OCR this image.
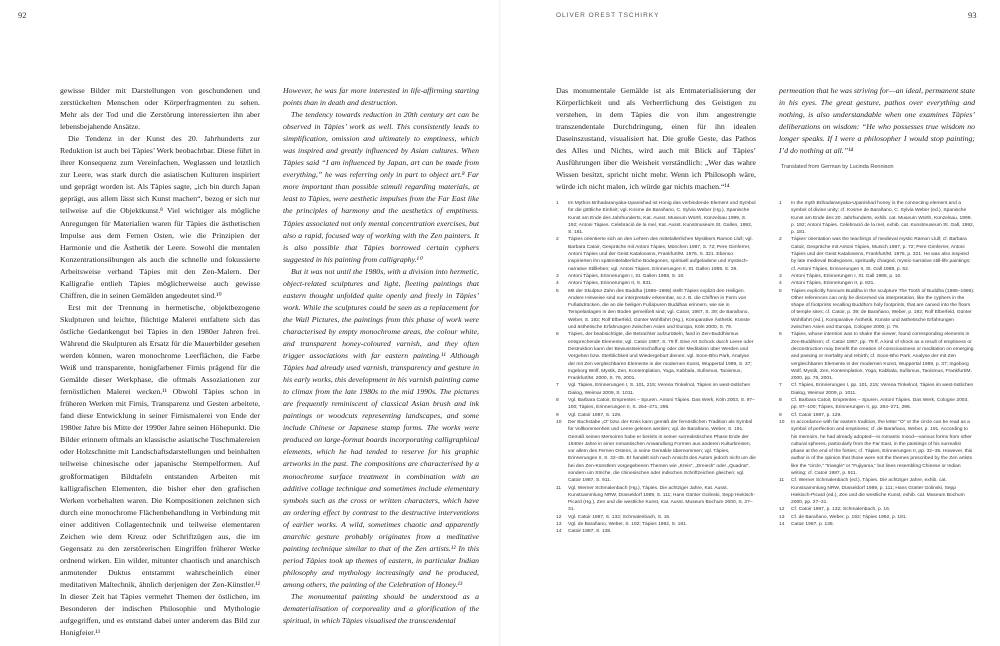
92

gewisse Bilder mit Darstellungen von geschundenen und zerstückelten Menschen oder Körperfragmenten zu sehen. Mehr als der Tod und die Zerstörung interessierten ihn aber lebensbejahende Ansätze.

Die Tendenz in der Kunst des 20. Jahrhunderts zur Reduktion ist auch bei Tàpies’ Werk beobachtbar. Diese führt in ihrer Konsequenz zum Vereinfachen, Weglassen und letztlich zur Leere, was stark durch die asiatischen Kulturen inspiriert und geprägt worden ist. Als Tàpies sagte, „ich bin durch Japan geprägt, aus allem lässt sich Kunst machen“, bezog er sich nur teilweise auf die Objektkunst.⁸ Viel wichtiger als mögliche Anregungen für Materialien waren für Tàpies die ästhetischen Impulse aus dem Fernen Osten, wie die Prinzipien der Harmonie und die Ästhetik der Leere. Sowohl die mentalen Konzentrationsübungen als auch die schnelle und fokussierte Arbeitsweise verband Tàpies mit den Zen-Malern. Der Kalligrafie entlieh Tàpies möglicherweise auch gewisse Chiffren, die in seinen Gemälden angedeutet sind.¹⁰

Erst mit der Trennung in hermetische, objektbezogene Skulpturen und leichte, flüchtige Malerei entfaltete sich das östliche Gedankengut bei Tàpies in den 1980er Jahren frei. Während die Skulpturen als Ersatz für die Mauerbilder gesehen werden können, waren monochrome Leerflächen, die Farbe Weiß und transparente, honigfarbener Firnis prägend für die Gemälde dieser Werkphase, die oftmals Assoziationen zur fernöstlichen Malerei wecken.¹¹ Obwohl Tàpies schon in früheren Werken mit Firnis, Transparenz und Gesten arbeitete, fand diese Entwicklung in seiner Firnismalerei von Ende der 1980er Jahre bis Mitte der 1990er Jahre seinen Höhepunkt. Die Bilder erinnern oftmals an klassische asiatische Tuschmalereien oder Holzschnitte mit Landschaftsdarstellungen und beinhalten teilweise chinesische oder japanische Stempelformen. Auf großformatigen Bildtafeln entstanden Arbeiten mit kalligrafischen Elementen, die bisher eher den grafischen Werken vorbehalten waren. Die Kompositionen zeichnen sich durch eine monochrome Flächenbehandlung in Verbindung mit einer additiven Collagentechnik und teilweise elementaren Zeichen wie dem Kreuz oder Schriftzügen aus, die im Gegensatz zu den zerstörerischen Eingriffen früherer Werke ordnend wirken. Ein wilder, mitunter chaotisch und anarchisch anmutender Duktus entstammt wahrscheinlich einer meditativen Maltechnik, ähnlich derjenigen der Zen-Künstler.¹² In dieser Zeit hat Tàpies vermehrt Themen der östlichen, im Besonderen der indischen Philosophie und Mythologie aufgegriffen, und es entstand dabei unter anderem das Bild zur Honigfeier.¹³

However, he was far more interested in life-affirming starting points than in death and destruction.

The tendency towards reduction in 20th century art can be observed in Tàpies’ work as well. This consistently leads to simplification, omission and ultimately to emptiness, which was inspired and greatly influenced by Asian cultures. When Tàpies said “I am influenced by Japan, art can be made from everything,” he was referring only in part to object art.⁸ Far more important than possible stimuli regarding materials, at least to Tàpies, were aesthetic impulses from the Far East like the principles of harmony and the aesthetics of emptiness. Tàpies associated not only mental concentration exercises, but also a rapid, focused way of working with the Zen painters. It is also possible that Tàpies borrowed certain cyphers suggested in his painting from calligraphy.¹⁰

But it was not until the 1980s, with a division into hermetic, object-related sculptures and light, fleeting paintings that eastern thought unfolded quite openly and freely in Tàpies’ work. While the sculptures could be seen as a replacement for the Wall Pictures, the paintings from this phase of work were characterised by empty monochrome areas, the colour white, and transparent honey-coloured varnish, and they often trigger associations with far eastern painting.¹¹ Although Tàpies had already used varnish, transparency and gesture in his early works, this development in his varnish painting came to climax from the late 1980s to the mid 1990s. The pictures are frequently reminiscent of classical Asian brush and ink paintings or woodcuts representing landscapes, and some include Chinese or Japanese stamp forms. The works were produced on large-format boards incorporating calligraphical elements, which he had tended to reserve for his graphic artworks in the past. The compositions are characterised by a monochrome surface treatment in combination with an additive collage technique and sometimes include elementary symbols such as the cross or written characters, which have an ordering effect by contrast to the destructive interventions of earlier works. A wild, sometimes chaotic and apparently anarchic gesture probably originates from a meditative painting technique similar to that of the Zen artists.¹² In this period Tàpies took up themes of eastern, in particular Indian philosophy and mythology increasingly and he produced, among others, the painting of the Celebration of Honey.¹³

The monumental painting should be understood as a dematerialisation of corporeality and a glorification of the spiritual, in which Tàpies visualised the transcendental

OLIVER OREST TSCHIRKY	93

Das monumentale Gemälde ist als Entmaterialisierung der Körperlichkeit und als Verherrlichung des Geistigen zu verstehen, in dem Tàpies die von ihm angestrengte transzendentale Durchdringung, einen für ihn idealen Daseinszustand, visualisiert hat. Die große Geste, das Pathos des Alles und Nichts, wird auch mit Blick auf Tàpies’ Ausführungen über die Weisheit verständlich: „Wer das wahre Wissen besitzt, spricht nicht mehr. Wenn ich Philosoph wäre, würde ich nicht malen, ich würde gar nichts machen.“¹⁴

permeation that he was striving for—an ideal, permanent state in his eyes. The great gesture, pathos over everything and nothing, is also understandable when one examines Tàpies’ deliberations on wisdom: “He who possesses true wisdom no longer speaks. If I were a philosopher I would stop painting; I’d do nothing at all.”¹⁴

Translated from German by Lucinda Rennison
1	Im Mythos Brihadaranyaka-Upanishad ist Honig das verbindende Element und Symbol für die göttliche Einheit; vgl. Kosme de Barañano, C. Sylvia Weber (Hg.), Spanische Kunst am Ende des Jahrhunderts, Kat. Ausst. Museum Würth, Künzelsau 1999, S. 192; Antoni Tàpies. Celebració de la mel, Kat. Ausst. Kunstmuseum St. Gallen, 1992, S. 181.
2	Tàpies orientierte sich an den Lehren des mittelalterlichen Mystikers Ramon Llull; vgl. Barbara Catoir, Gespräche mit Antoni Tàpies, München 1987, S. 72; Pere Gimferrer, Antoni Tàpies und der Geist Kataloniens, Frankfurt/M. 1976, S. 321. Ebenso inspirierten ihn spätmittelalterliche Bodegones, spirituell aufgeladene und mystisch-narrative Stillleben; vgl. Antoni Tàpies, Erinnerungen II, St. Gallen 1989, S. 29.
3	Antoni Tàpies, Erinnerungen I, St. Gallen 1988, S. 10.
4	Antoni Tàpies, Erinnerungen II, S. 831.
5	Mit der Skulptur Zahn des Buddha (1985–1986) stellt Tàpies explizit den Heiligen. Andere Hinweise sind nur interpretativ erkennbar, so z. B. die Chiffren in Form von Fußabdrücken, die an die heiligen Fußspuren Buddhas erinnern, wie sie in Tempelanlagen in den Boden gemeißelt sind; vgl. Catoir, 1987, S. 39; de Barañano, Weber, S. 192; Rolf Elberfeld, Günter Wohlfahrt (Hg.), Komparative Ästhetik. Künste und ästhetische Erfahrungen zwischen Asien und Europa, Köln 2000, S. 79.
6	Tàpies, der beabsichtigte, die Betrachter aufzurütteln, fand in Zen-Buddhismus entsprechende Elemente; vgl. Catoir 1987, S. 79 ff. Eine Art Schock durch Leere oder Destruktion kann der Bewusstseinsschaffung oder der Meditation über Werden und Vergehen bzw. Sterblichkeit und Wiedergeburt dienen; vgl. Soon-Bho Park, Analyse der mit Zen vergleichbaren Elemente in der modernen Kunst, Wuppertal 1989, S. 37; Ingeborg Wolf, Mystik, Zen, Kontemplation, Yoga, Kabbala, Sufismus, Taoismus, Frankfurt/M. 2000, S. 76, 2001.
7	Vgl. Tàpies, Erinnerungen I, S. 101, 215; Verena Tinkelnot, Tàpies im west-östlichen Dialog, Weimar 2009, S. 1011.
8	Vgl. Barbara Catoir, Emprentes – Spuren. Antoni Tàpies. Das Werk, Köln 2003, S. 97–100; Tàpies, Erinnerungen II, S. 264–271, 296.
9	Vgl. Catoir 1987, S. 129.
10	Der Buchstabe „O“ bzw. der Kreis kann gemäß der fernöstlichen Tradition als Symbol für Vollkommenheit und Leere gelesen werden; vgl. de Barañano, Weber, S. 191. Gemäß seinen Memoiren habe er bereits in seiner surrealistischen Phase Ende der 1940er Jahre in einer romantischen Anwandlung Formen aus anderen Kulturkreisen, vor allem des Fernen Ostens, in seine Gemälde übernommen; vgl. Tàpies, Erinnerungen II, S. 32–35. Er handelt sich nach Ansicht des Autors jedoch nicht um die bei den Zen-Künstlern vorgegebenen Themen wie „Kreis“, „Dreieck“ oder „Quadrat“, sondern um Striche, die chinesischen oder indischen Schriftzeichen gleichen; vgl. Catoir 1987, S. 911.
11	Vgl. Werner Schmalenbach (Hg.), Tàpies. Die achtziger Jahre, Kat. Ausst. Kunstsammlung NRW, Düsseldorf 1989, S. 111; Hans Günter Golinski, Sepp Hiekisch-Picard (Hg.), Zen und die westliche Kunst, Kat. Ausst. Museum Bochum 2000, S. 27–31.
12	Vgl. Catoir 1987, S. 132; Schmalenbach, S. 16.
13	Vgl. de Barañano, Weber, S. 192; Tàpies 1992, S. 181.
14	Catoir 1987, S. 138.
1	In the myth Brihadaranyaka-Upanishad honey is the connecting element and a symbol of divine unity; cf. Kosme de Barañano, C. Sylvia Weber (ed.), Spanische Kunst am Ende des 20. Jahrhunderts, exhib. cat. Museum Würth, Künzelsau, 1999, p. 192; Antoni Tàpies. Celebració de la mel, exhib. cat. Kunstmuseum St. Gall, 1992, p. 181.
2	Tàpies’ orientation was the teachings of medieval mystic Ramon Llull; cf. Barbara Catoir, Gespräche mit Antoni Tàpies, Munich 1987, p. 72; Pere Gimferrer, Antoni Tàpies und der Geist Kataloniens, Frankfurt/M. 1976, p. 321. He was also inspired by late medieval Bodegones, spiritually charged, mystic-narrative still-life paintings; cf. Antoni Tàpies, Erinnerungen II, St. Gall 1988, p. 52.
3	Antoni Tàpies, Erinnerungen I, St. Gall 1988, p. 10.
4	Antoni Tàpies, Erinnerungen II, p. 831.
5	Tàpies explicitly honours Buddha in the sculpture The Tooth of Buddha (1985–1986). Other references can only be discerned via interpretation, like the cyphers in the shape of footprints recalling Buddha’s holy footprints, that are carved into the floors of temple sites; cf. Catoir, p. 39; de Barañano, Weber, p. 192; Rolf Elberfeld, Günter Wohlfahrt (ed.), Komparative Ästhetik. Künste und ästhetische Erfahrungen zwischen Asien und Europa, Cologne 2000, p. 79.
6	Tàpies, whose intention was to shake the viewer, found corresponding elements in Zen-Buddhism; cf. Catoir 1987, pp. 79 ff. A kind of shock as a result of emptiness or deconstruction may benefit the creation of consciousness or meditation on emerging and passing or mortality and rebirth; cf. Soon-Bho Park, Analyse der mit Zen vergleichbaren Elemente in der modernen Kunst, Wuppertal 1989, p. 37; Ingeborg Wolf, Mystik, Zen, Kontemplation, Yoga, Kabbala, Sufismus, Taoismus, Frankfurt/M. 2000, pp. 76, 2001.
7	Cf. Tàpies, Erinnerungen I, pp. 101, 215; Verena Tinkelnot, Tàpies im west-östlichen Dialog, Weimar 2009, p. 1011.
8	Cf. Barbara Catoir, Emprentes – Spuren. Antoni Tàpies. Das Werk, Cologne 2003, pp. 97–100; Tàpies, Erinnerungen II, pp. 264–271, 296.
9	Cf. Catoir 1987, p. 129.
10	In accordance with far eastern tradition, the letter “O” or the circle can be read as a symbol of perfection and emptiness; cf. de Barañano, Weber, p. 191. According to his memoirs, he had already adopted—in romantic mood—various forms from other cultural spheres, particularly from the Far East, in the paintings of his surrealist phase at the end of the forties; cf. Tàpies, Erinnerungen II, pp. 32–35. However, this author is of the opinion that those were not the themes prescribed by the Zen artists like the “circle,” “triangle” or “Fujiyama,” but lines resembling Chinese or Indian writing; cf. Catoir 1987, p. 911.
11	Cf. Werner Schmalenbach (ed.), Tàpies. Die achtziger Jahre, exhib. cat. Kunstsammlung NRW, Düsseldorf 1989, p. 111; Hans Günter Golinski, Sepp Hiekisch-Picard (ed.), Zen und die westliche Kunst, exhib. cat. Museum Bochum 2000, pp. 27–31.
12	Cf. Catoir 1987, p. 132; Schmalenbach, p. 16.
13	Cf. de Barañano, Weber, p. 192; Tàpies 1992, p. 181.
14	Catoir 1987, p. 138.
